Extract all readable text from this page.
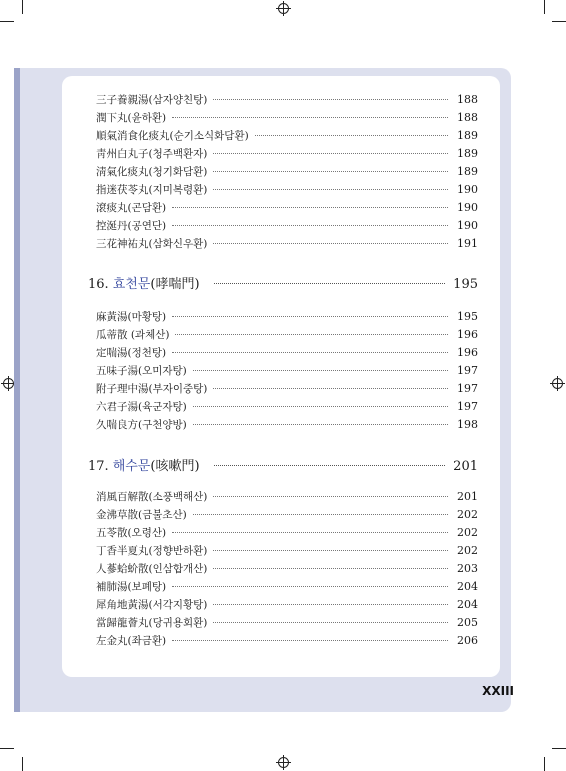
三子養親湯(삼자양친탕)	188
潤下丸(윤하환)	188
順氣消食化痰丸(순기소식화담환)	189
靑州白丸子(청주백환자)	189
淸氣化痰丸(청기화담환)	189
指迷茯苓丸(지미복령환)	190
滾痰丸(곤담환)	190
控涎丹(공연단)	190
三花神祐丸(삼화신우환)	191
16. 효천문 (哮喘門)	195
麻黃湯(마황탕)	195
瓜蒂散 (과체산)	196
定喘湯(정천탕)	196
五味子湯(오미자탕)	197
附子理中湯(부자이중탕)	197
六君子湯(육군자탕)	197
久喘良方(구천양방)	198
17. 해수문 (咳嗽門)	201
消風百解散(소풍백해산)	201
金沸草散(금불초산)	202
五苓散(오령산)	202
丁香半夏丸(정향반하환)	202
人蔘蛤蚧散(인삼합개산)	203
補肺湯(보폐탕)	204
犀角地黃湯(서각지황탕)	204
當歸龍薈丸(당귀용회환)	205
左金丸(좌금환)	206
XXIII
